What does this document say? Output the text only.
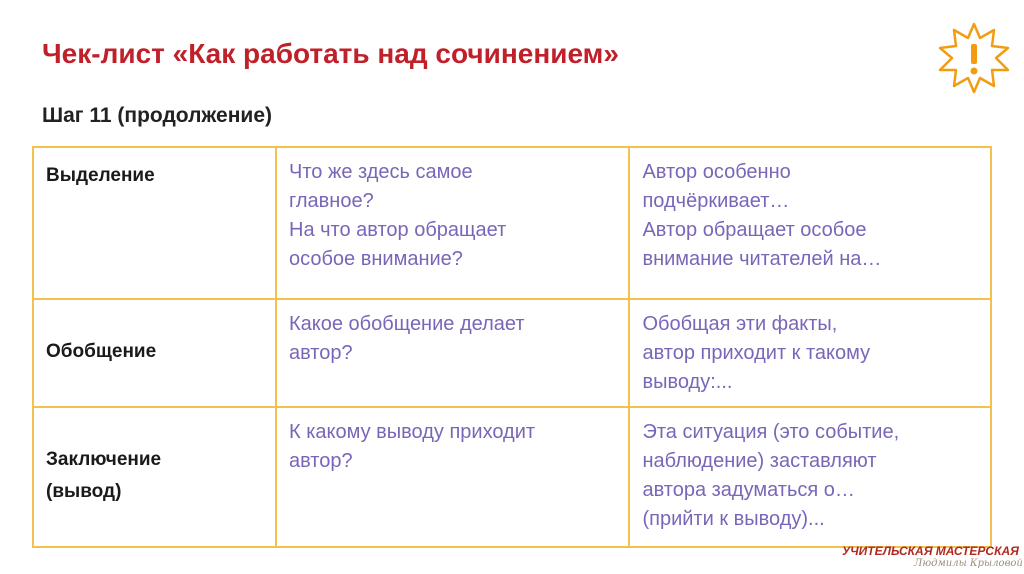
Чек-лист «Как работать над сочинением»
Шаг 11 (продолжение)
Выделение	Что же здесь самое
главное?
На что автор обращает
особое внимание?	Автор особенно
подчёркивает…
Автор обращает особое
внимание читателей на…

Обобщение	Какое обобщение делает
автор?	Обобщая эти факты,
автор приходит к такому
выводу:...

Заключение
(вывод)	К какому выводу приходит
автор?	Эта ситуация (это событие,
наблюдение) заставляют
автора задуматься о…
(прийти к выводу)...
УЧИТЕЛЬСКАЯ МАСТЕРСКАЯ
Людмилы Крыловой
